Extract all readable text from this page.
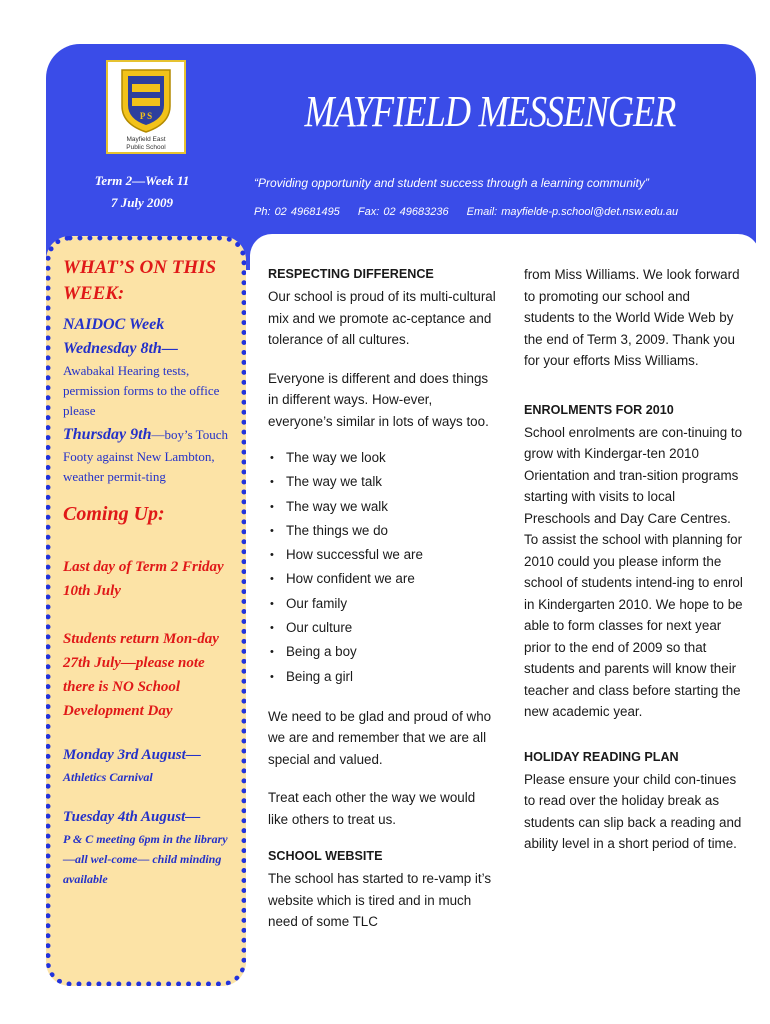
P S
Mayfield East
Public School
MAYFIELD MESSENGER
Term 2—Week 11
7 July 2009
“Providing opportunity and student success through a learning community”
Ph: 02 49681495 Fax: 02 49683236 Email: mayfielde-p.school@det.nsw.edu.au
WHAT’S ON THIS WEEK:
NAIDOC Week
Wednesday 8th—
Awabakal Hearing tests, permission forms to the office please
Thursday 9th—boy’s Touch Footy against New Lambton, weather permit-ting
Coming Up:
Last day of Term 2 Friday 10th July
Students return Mon-day 27th July—please note there is NO School Development Day
Monday 3rd August—
Athletics Carnival
Tuesday 4th August—
P & C meeting 6pm in the library—all wel-come— child minding available
RESPECTING DIFFERENCE
Our school is proud of its multi-cultural mix and we promote ac-ceptance and tolerance of all cultures.
Everyone is different and does things in different ways. How-ever, everyone’s similar in lots of ways too.
• The way we look
• The way we talk
• The way we walk
• The things we do
• How successful we are
• How confident we are
• Our family
• Our culture
• Being a boy
• Being a girl
We need to be glad and proud of who we are and remember that we are all special and valued.
Treat each other the way we would like others to treat us.
SCHOOL WEBSITE
The school has started to re-vamp it’s website which is tired and in much need of some TLC
from Miss Williams. We look forward to promoting our school and students to the World Wide Web by the end of Term 3, 2009. Thank you for your efforts Miss Williams.
ENROLMENTS FOR 2010
School enrolments are con-tinuing to grow with Kindergar-ten 2010 Orientation and tran-sition programs starting with visits to local Preschools and Day Care Centres. To assist the school with planning for 2010 could you please inform the school of students intend-ing to enrol in Kindergarten 2010. We hope to be able to form classes for next year prior to the end of 2009 so that students and parents will know their teacher and class before starting the new academic year.
HOLIDAY READING PLAN
Please ensure your child con-tinues to read over the holiday break as students can slip back a reading and ability level in a short period of time.
